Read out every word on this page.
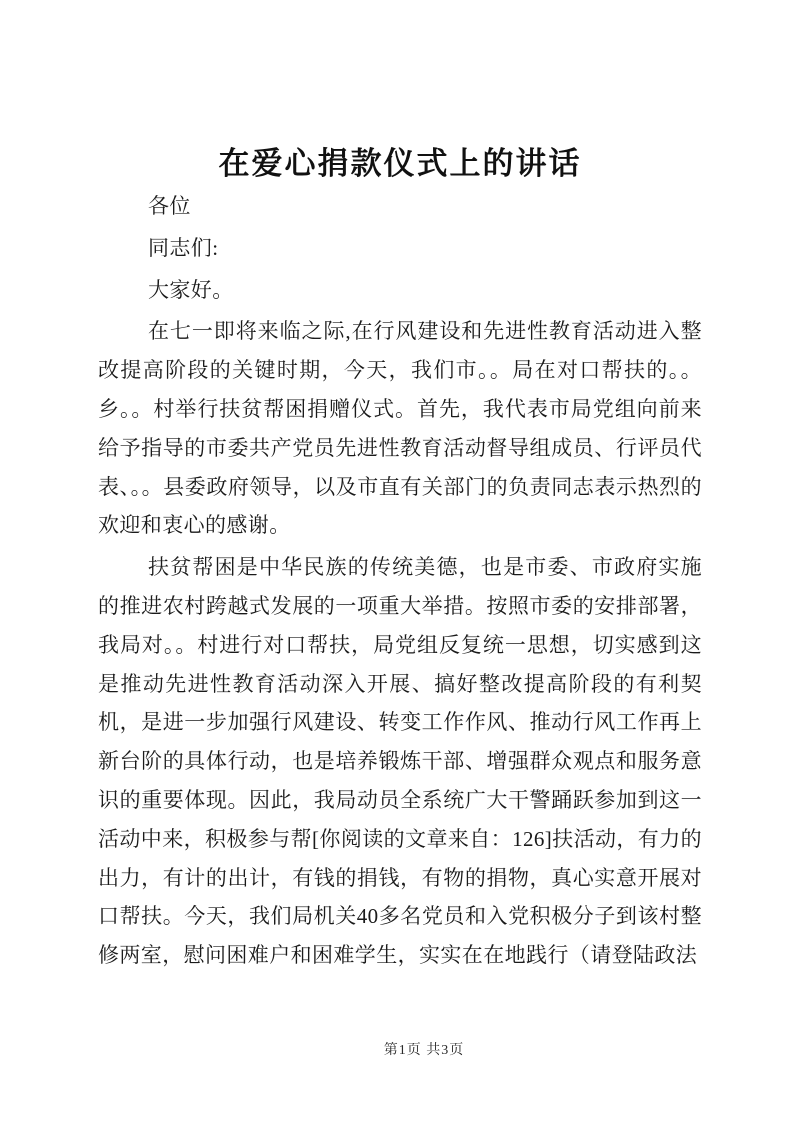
在爱心捐款仪式上的讲话

各位

同志们:

大家好。

在七一即将来临之际,在行风建设和先进性教育活动进入整改提高阶段的关键时期，今天，我们市。。局在对口帮扶的。。乡。。村举行扶贫帮困捐赠仪式。首先，我代表市局党组向前来给予指导的市委共产党员先进性教育活动督导组成员、行评员代表、。。县委政府领导，以及市直有关部门的负责同志表示热烈的欢迎和衷心的感谢。

扶贫帮困是中华民族的传统美德，也是市委、市政府实施的推进农村跨越式发展的一项重大举措。按照市委的安排部署，我局对。。村进行对口帮扶，局党组反复统一思想，切实感到这是推动先进性教育活动深入开展、搞好整改提高阶段的有利契机，是进一步加强行风建设、转变工作作风、推动行风工作再上新台阶的具体行动，也是培养锻炼干部、增强群众观点和服务意识的重要体现。因此，我局动员全系统广大干警踊跃参加到这一活动中来，积极参与帮[你阅读的文章来自：126]扶活动，有力的出力，有计的出计，有钱的捐钱，有物的捐物，真心实意开展对口帮扶。今天，我们局机关40多名党员和入党积极分子到该村整修两室，慰问困难户和困难学生，实实在在地践行（请登陆政法

第1页 共3页
